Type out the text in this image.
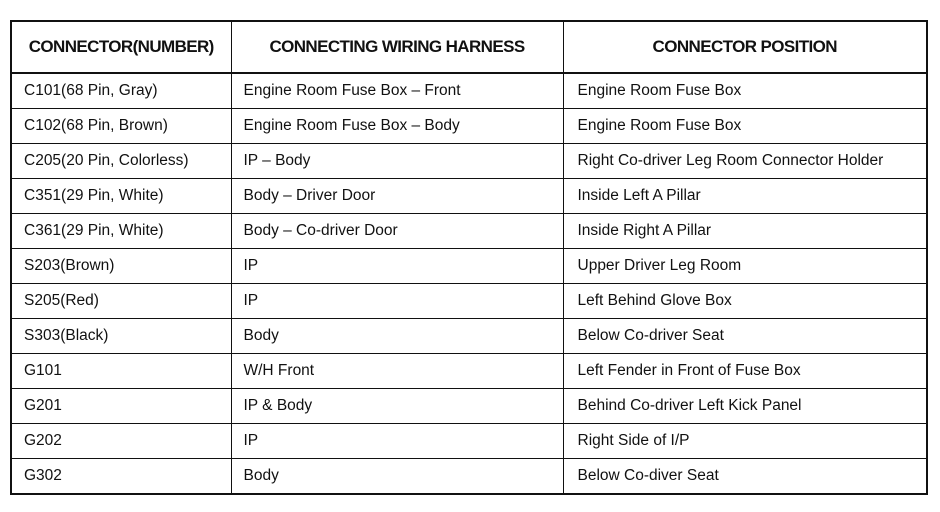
CONNECTOR(NUMBER)	CONNECTING WIRING HARNESS	CONNECTOR POSITION
C101(68 Pin, Gray)	Engine Room Fuse Box – Front	Engine Room Fuse Box
C102(68 Pin, Brown)	Engine Room Fuse Box – Body	Engine Room Fuse Box
C205(20 Pin, Colorless)	IP – Body	Right Co-driver Leg Room Connector Holder
C351(29 Pin, White)	Body – Driver Door	Inside Left A Pillar
C361(29 Pin, White)	Body – Co-driver Door	Inside Right A Pillar
S203(Brown)	IP	Upper Driver Leg Room
S205(Red)	IP	Left Behind Glove Box
S303(Black)	Body	Below Co-driver Seat
G101	W/H Front	Left Fender in Front of Fuse Box
G201	IP & Body	Behind Co-driver Left Kick Panel
G202	IP	Right Side of I/P
G302	Body	Below Co-diver Seat
